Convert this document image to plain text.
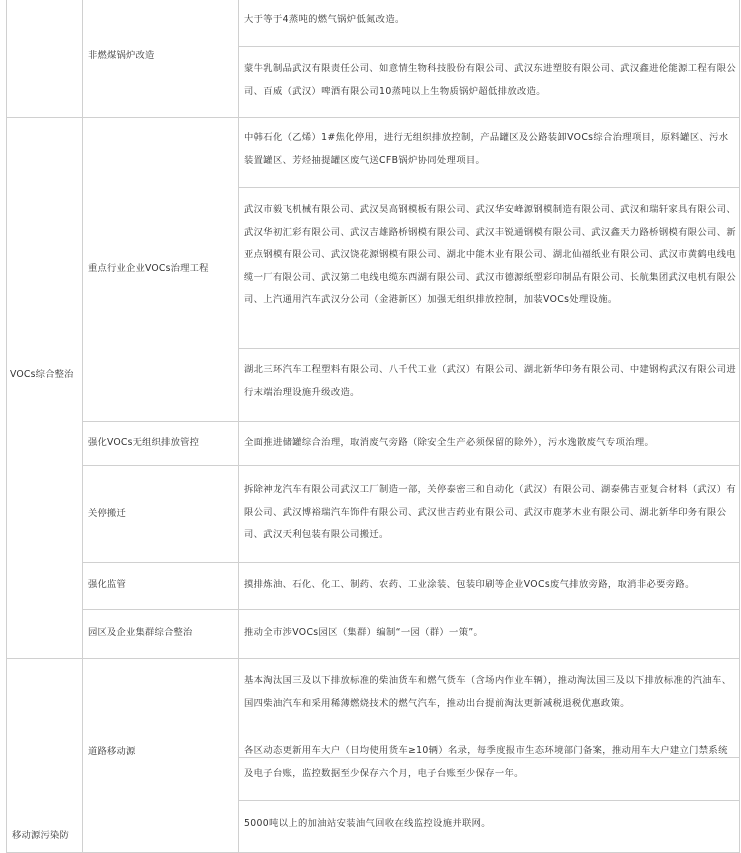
VOCs综合整治
移动源污染防
非燃煤锅炉改造
重点行业企业VOCs治理工程
强化VOCs无组织排放管控
关停搬迁
强化监管
园区及企业集群综合整治
道路移动源
大于等于4蒸吨的燃气锅炉低氮改造。
蒙牛乳制品武汉有限责任公司、如意情生物科技股份有限公司、武汉东进塑胶有限公司、武汉鑫进伦能源工程有限公司、百威（武汉）啤酒有限公司10蒸吨以上生物质锅炉超低排放改造。
中韩石化（乙烯）1#焦化停用，进行无组织排放控制，产品罐区及公路装卸VOCs综合治理项目，原料罐区、污水装置罐区、芳烃抽提罐区废气送CFB锅炉协同处理项目。
武汉市毅飞机械有限公司、武汉昊高钢模板有限公司、武汉华安峰源钢模制造有限公司、武汉和瑞轩家具有限公司、武汉华初汇彩有限公司、武汉吉雄路桥钢模有限公司、武汉丰锐通钢模有限公司、武汉鑫天力路桥钢模有限公司、新亚点钢模有限公司、武汉饶花源钢模有限公司、湖北中能木业有限公司、湖北仙福纸业有限公司、武汉市黄鹤电线电缆一厂有限公司、武汉第二电线电缆东西湖有限公司、武汉市德源纸塑彩印制品有限公司、长航集团武汉电机有限公司、上汽通用汽车武汉分公司（金港新区）加强无组织排放控制，加装VOCs处理设施。
湖北三环汽车工程塑料有限公司、八千代工业（武汉）有限公司、湖北新华印务有限公司、中建钢构武汉有限公司进行末端治理设施升级改造。
全面推进储罐综合治理，取消废气旁路（除安全生产必须保留的除外），污水逸散废气专项治理。
拆除神龙汽车有限公司武汉工厂制造一部，关停泰密三和自动化（武汉）有限公司、湖泰佛吉亚复合材料（武汉）有限公司、武汉博裕瑞汽车饰件有限公司、武汉世吉药业有限公司、武汉市鹿茅木业有限公司、湖北新华印务有限公司、武汉天利包装有限公司搬迁。
摸排炼油、石化、化工、制药、农药、工业涂装、包装印刷等企业VOCs废气排放旁路，取消非必要旁路。
推动全市涉VOCs园区（集群）编制“一园（群）一策”。
基本淘汰国三及以下排放标准的柴油货车和燃气货车（含场内作业车辆），推动淘汰国三及以下排放标准的汽油车、国四柴油汽车和采用稀薄燃烧技术的燃气汽车，推动出台提前淘汰更新减税退税优惠政策。
各区动态更新用车大户（日均使用货车≥10辆）名录，每季度报市生态环境部门备案，推动用车大户建立门禁系统及电子台账，监控数据至少保存六个月，电子台账至少保存一年。
5000吨以上的加油站安装油气回收在线监控设施并联网。
